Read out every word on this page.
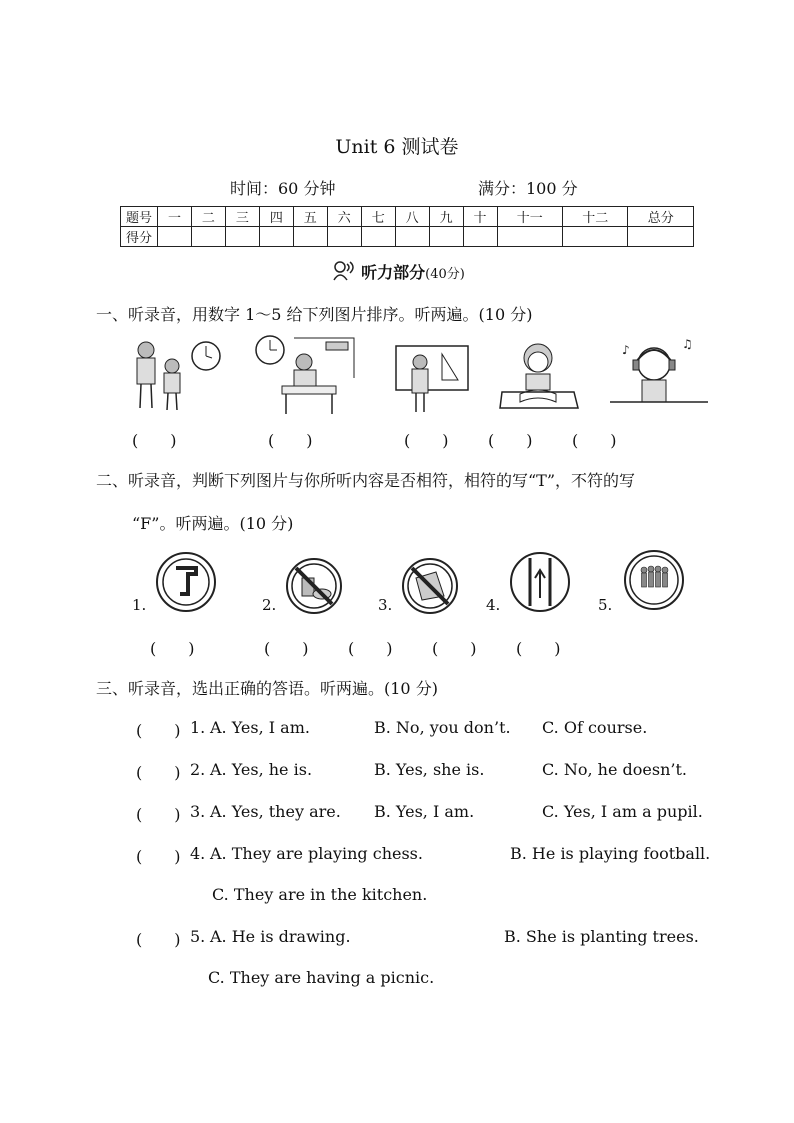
Unit 6 测试卷
时间：60 分钟	满分：100 分
题号	一	二	三	四	五	六	七	八	九	十	十一	十二	总分
得分													
听力部分(40分)
一、听录音，用数字 1～5 给下列图片排序。听两遍。(10 分)
♪	♫
(　　)	(　　)	(　　) (　　) (　　)
二、听录音，判断下列图片与你所听内容是否相符，相符的写“T”，不符的写
“F”。听两遍。(10 分)
1.	2.	3.	4.	5.
(　　)	(　　) (　　) (　　) (　　)
三、听录音，选出正确的答语。听两遍。(10 分)
(　　) 1. A. Yes, I am.	B. No, you don’t. C. Of course.
(　　) 2. A. Yes, he is.	B. Yes, she is.	C. No, he doesn’t.
(　　) 3. A. Yes, they are. B. Yes, I am.	C. Yes, I am a pupil.
(　　) 4. A. They are playing chess.	B. He is playing football.
C. They are in the kitchen.
(　　) 5. A. He is drawing.	B. She is planting trees.
C. They are having a picnic.
